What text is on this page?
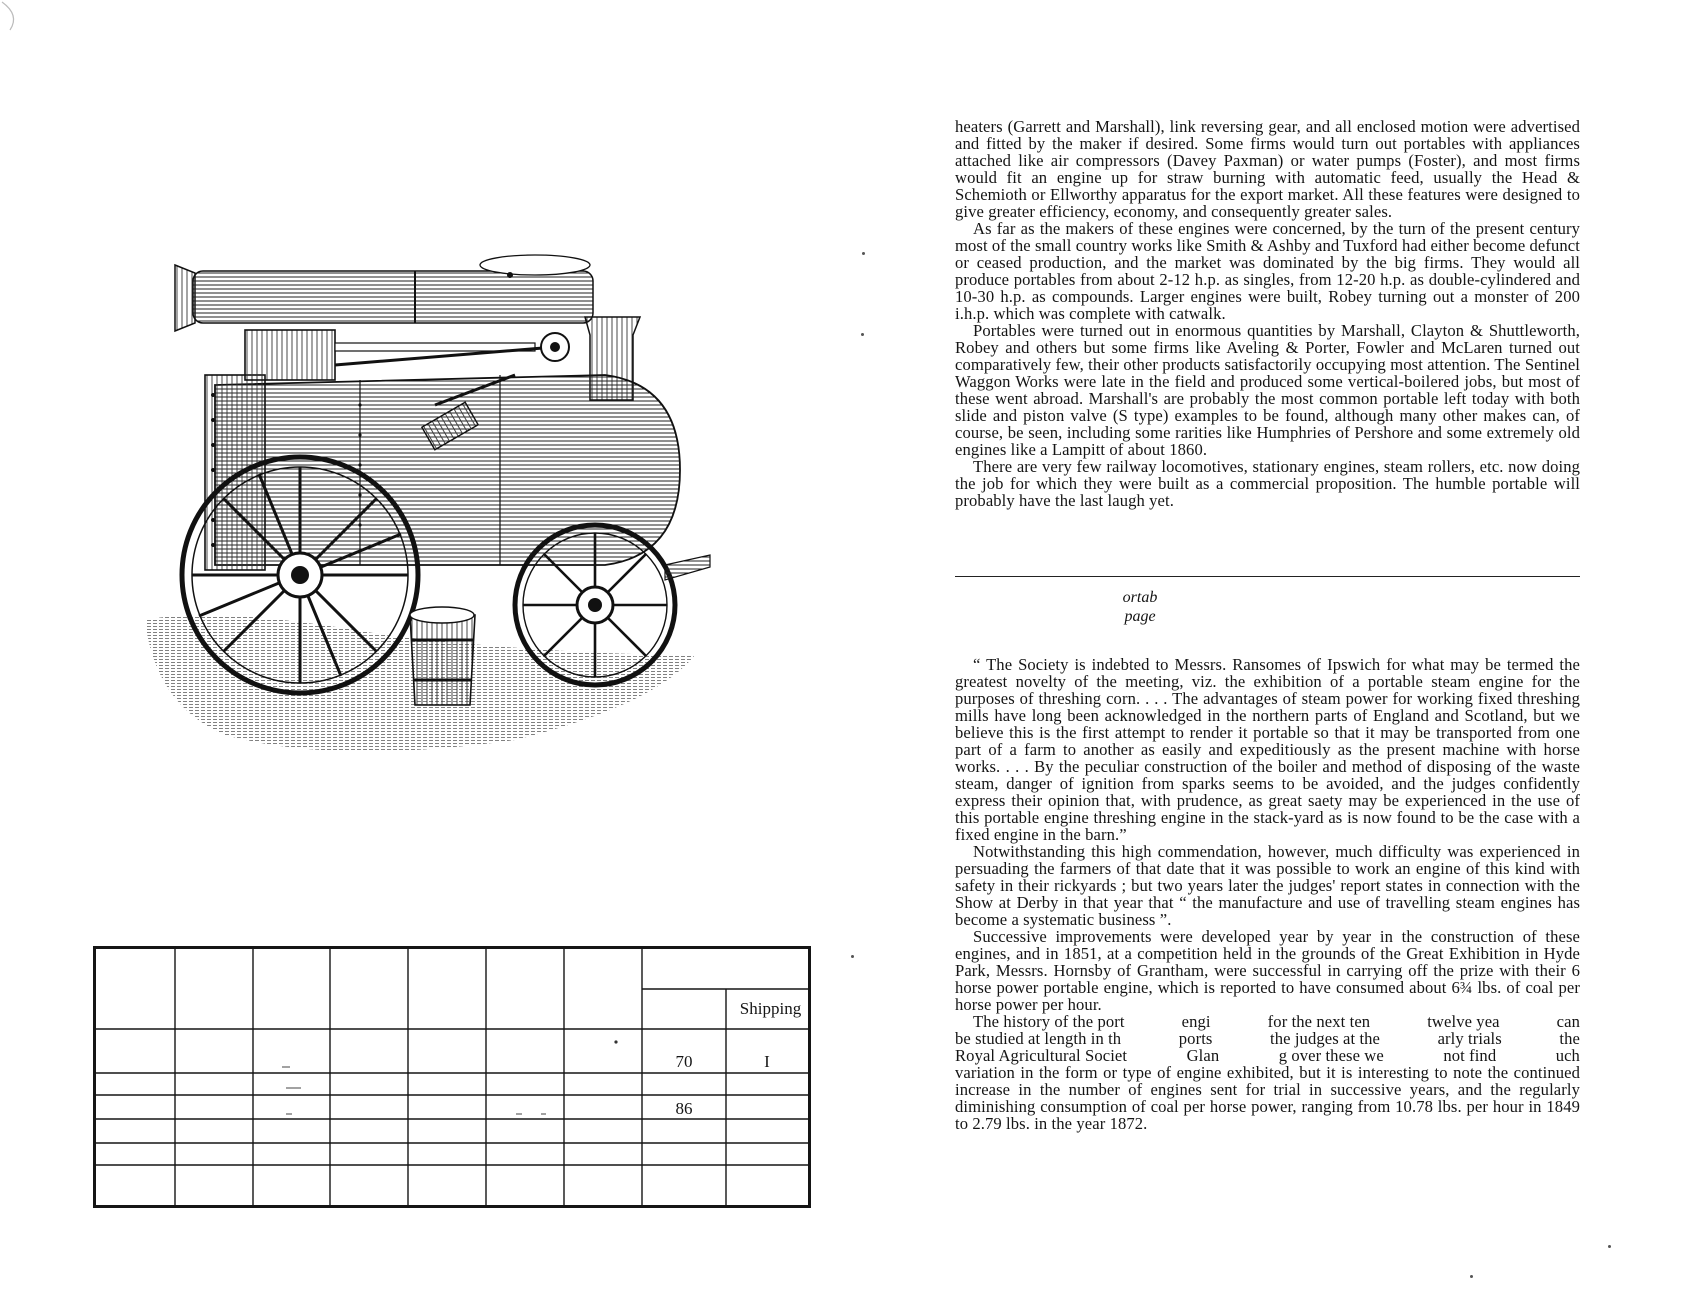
Shipping
70	I
86

heaters (Garrett and Marshall), link reversing gear, and all enclosed motion were advertised and fitted by the maker if desired. Some firms would turn out portables with appliances attached like air compressors (Davey Paxman) or water pumps (Foster), and most firms would fit an engine up for straw burning with automatic feed, usually the Head & Schemioth or Ellworthy apparatus for the export market. All these features were designed to give greater efficiency, economy, and consequently greater sales.

As far as the makers of these engines were concerned, by the turn of the present century most of the small country works like Smith & Ashby and Tuxford had either become defunct or ceased production, and the market was dominated by the big firms. They would all produce portables from about 2-12 h.p. as singles, from 12-20 h.p. as double-cylindered and 10-30 h.p. as compounds. Larger engines were built, Robey turning out a monster of 200 i.h.p. which was complete with catwalk.

Portables were turned out in enormous quantities by Marshall, Clayton & Shuttleworth, Robey and others but some firms like Aveling & Porter, Fowler and McLaren turned out comparatively few, their other products satisfactorily occupying most attention. The Sentinel Waggon Works were late in the field and produced some vertical-boilered jobs, but most of these went abroad. Marshall's are probably the most common portable left today with both slide and piston valve (S type) examples to be found, although many other makes can, of course, be seen, including some rarities like Humphries of Pershore and some extremely old engines like a Lampitt of about 1860.

There are very few railway locomotives, stationary engines, steam rollers, etc. now doing the job for which they were built as a commercial proposition. The humble portable will probably have the last laugh yet.

ortab
page

“ The Society is indebted to Messrs. Ransomes of Ipswich for what may be termed the greatest novelty of the meeting, viz. the exhibition of a portable steam engine for the purposes of threshing corn. . . . The advantages of steam power for working fixed threshing mills have long been acknowledged in the northern parts of England and Scotland, but we believe this is the first attempt to render it portable so that it may be transported from one part of a farm to another as easily and expeditiously as the present machine with horse works. . . . By the peculiar construction of the boiler and method of disposing of the waste steam, danger of ignition from sparks seems to be avoided, and the judges confidently express their opinion that, with prudence, as great saety may be experienced in the use of this portable engine threshing engine in the stack-yard as is now found to be the case with a fixed engine in the barn.”

Notwithstanding this high commendation, however, much difficulty was experienced in persuading the farmers of that date that it was possible to work an engine of this kind with safety in their rickyards ; but two years later the judges' report states in connection with the Show at Derby in that year that “ the manufacture and use of travelling steam engines has become a systematic business ”.

Successive improvements were developed year by year in the construction of these engines, and in 1851, at a competition held in the grounds of the Great Exhibition in Hyde Park, Messrs. Hornsby of Grantham, were successful in carrying off the prize with their 6 horse power portable engine, which is reported to have consumed about 6¾ lbs. of coal per horse power per hour.

The history of the port	engi	for the next ten	twelve yea	can
be studied at length in th	ports	the judges at the	arly trials	the
Royal Agricultural Societ	Glan	g over these we	not find	uch

variation in the form or type of engine exhibited, but it is interesting to note the continued increase in the number of engines sent for trial in successive years, and the regularly diminishing consumption of coal per horse power, ranging from 10.78 lbs. per hour in 1849 to 2.79 lbs. in the year 1872.
